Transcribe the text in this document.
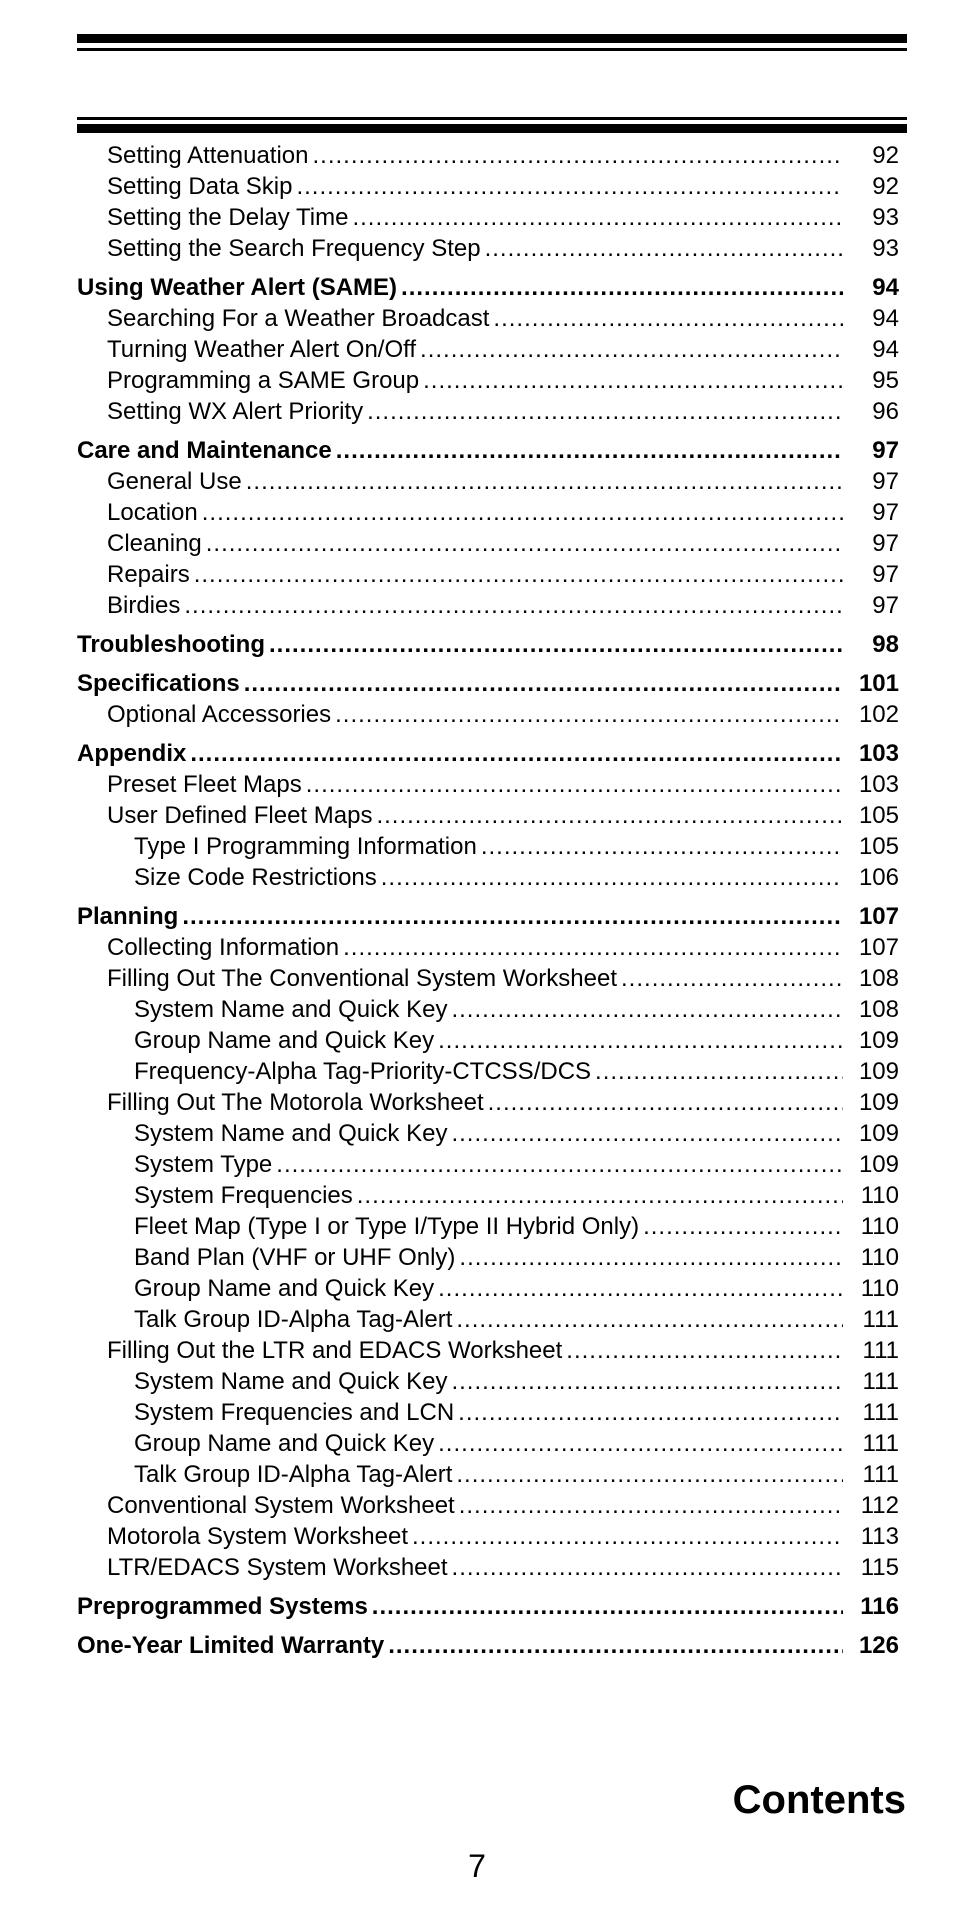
Setting Attenuation .....	92
Setting Data Skip .....	92
Setting the Delay Time .....	93
Setting the Search Frequency Step .....	93
Using Weather Alert (SAME) .....	94
Searching For a Weather Broadcast .....	94
Turning Weather Alert On/Off .....	94
Programming a SAME Group .....	95
Setting WX Alert Priority .....	96
Care and Maintenance .....	97
General Use .....	97
Location .....	97
Cleaning .....	97
Repairs .....	97
Birdies .....	97
Troubleshooting .....	98
Specifications .....	101
Optional Accessories .....	102
Appendix .....	103
Preset Fleet Maps .....	103
User Defined Fleet Maps .....	105
Type I Programming Information .....	105
Size Code Restrictions .....	106
Planning .....	107
Collecting Information .....	107
Filling Out The Conventional System Worksheet .....	108
System Name and Quick Key .....	108
Group Name and Quick Key .....	109
Frequency-Alpha Tag-Priority-CTCSS/DCS .....	109
Filling Out The Motorola Worksheet .....	109
System Name and Quick Key .....	109
System Type .....	109
System Frequencies .....	110
Fleet Map (Type I or Type I/Type II Hybrid Only) .....	110
Band Plan (VHF or UHF Only) .....	110
Group Name and Quick Key .....	110
Talk Group ID-Alpha Tag-Alert .....	111
Filling Out the LTR and EDACS Worksheet .....	111
System Name and Quick Key .....	111
System Frequencies and LCN .....	111
Group Name and Quick Key .....	111
Talk Group ID-Alpha Tag-Alert .....	111
Conventional System Worksheet .....	112
Motorola System Worksheet .....	113
LTR/EDACS System Worksheet .....	115
Preprogrammed Systems .....	116
One-Year Limited Warranty .....	126
Contents
7
